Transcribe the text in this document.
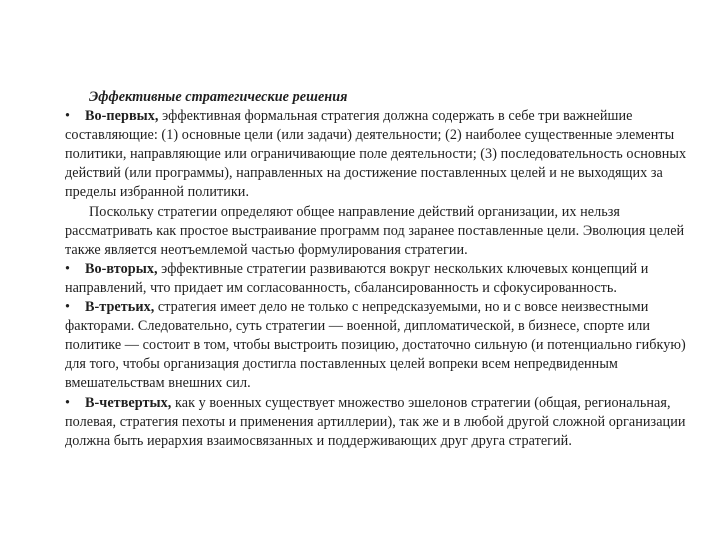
Эффективные стратегические решения

• Во-первых, эффективная формальная стратегия должна содержать в себе три важнейшие составляющие: (1) основные цели (или задачи) деятельности; (2) наиболее существенные элементы политики, направляющие или ограничивающие поле деятельности; (3) последовательность основных действий (или программы), направленных на достижение поставленных целей и не выходящих за пределы избранной политики.

Поскольку стратегии определяют общее направление действий организации, их нельзя рассматривать как простое выстраивание программ под заранее поставленные цели. Эволюция целей также является неотъемлемой частью формулирования стратегии.

• Во-вторых, эффективные стратегии развиваются вокруг нескольких ключевых концепций и направлений, что придает им согласованность, сбалансированность и сфокусированность.

• В-третьих, стратегия имеет дело не только с непредсказуемыми, но и с вовсе неизвестными факторами. Следовательно, суть стратегии — военной, дипломатической, в бизнесе, спорте или политике — состоит в том, чтобы выстроить позицию, достаточно сильную (и потенциально гибкую) для того, чтобы организация достигла поставленных целей вопреки всем непредвиденным вмешательствам внешних сил.

• В-четвертых, как у военных существует множество эшелонов стратегии (общая, региональная, полевая, стратегия пехоты и применения артиллерии), так же и в любой другой сложной организации должна быть иерархия взаимосвязанных и поддерживающих друг друга стратегий.
